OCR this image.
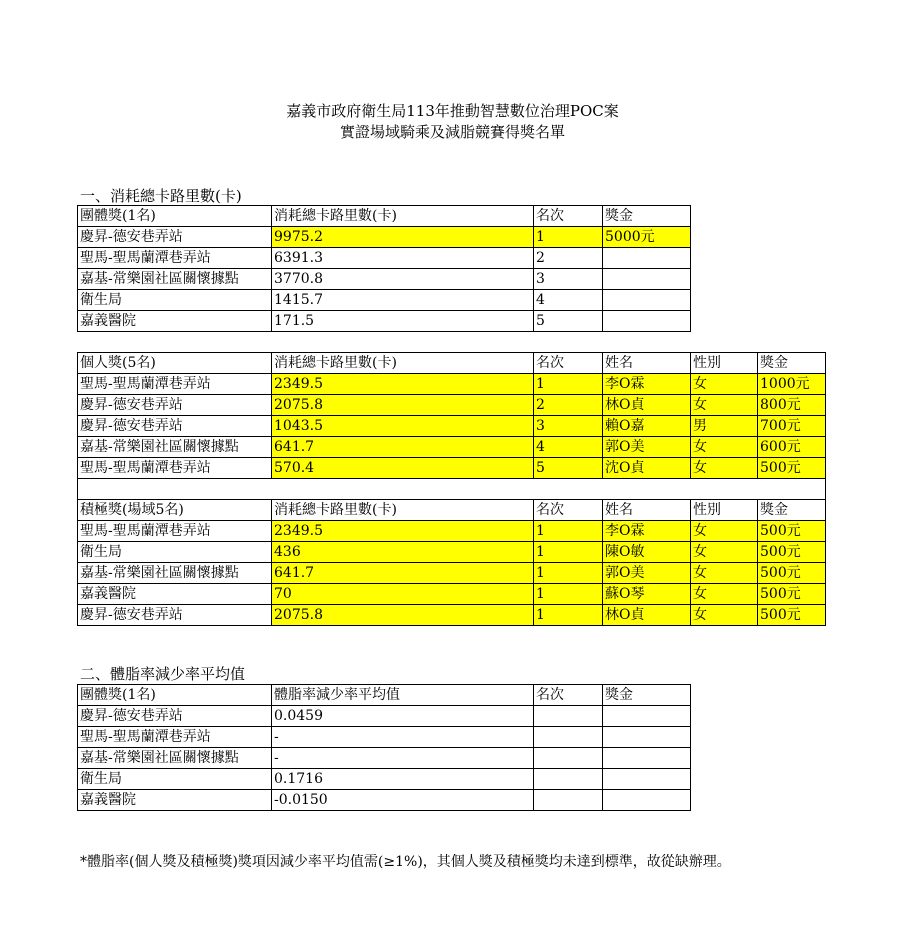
嘉義市政府衛生局113年推動智慧數位治理POC案
實證場域騎乘及減脂競賽得獎名單
一、消耗總卡路里數(卡)
團體獎(1名)	消耗總卡路里數(卡)	名次	獎金
慶昇-德安巷弄站	9975.2	1	5000元
聖馬-聖馬蘭潭巷弄站	6391.3	2	
嘉基-常樂園社區關懷據點	3770.8	3	
衛生局	1415.7	4	
嘉義醫院	171.5	5	
個人獎(5名)	消耗總卡路里數(卡)	名次	姓名	性別	獎金
聖馬-聖馬蘭潭巷弄站	2349.5	1	李O霖	女	1000元
慶昇-德安巷弄站	2075.8	2	林O貞	女	800元
慶昇-德安巷弄站	1043.5	3	賴O嘉	男	700元
嘉基-常樂園社區關懷據點	641.7	4	郭O美	女	600元
聖馬-聖馬蘭潭巷弄站	570.4	5	沈O貞	女	500元

積極獎(場域5名)	消耗總卡路里數(卡)	名次	姓名	性別	獎金
聖馬-聖馬蘭潭巷弄站	2349.5	1	李O霖	女	500元
衛生局	436	1	陳O敏	女	500元
嘉基-常樂園社區關懷據點	641.7	1	郭O美	女	500元
嘉義醫院	70	1	蘇O琴	女	500元
慶昇-德安巷弄站	2075.8	1	林O貞	女	500元
二、體脂率減少率平均值
團體獎(1名)	體脂率減少率平均值	名次	獎金
慶昇-德安巷弄站	0.0459		
聖馬-聖馬蘭潭巷弄站	-		
嘉基-常樂園社區關懷據點	-		
衛生局	0.1716		
嘉義醫院	-0.0150		
*體脂率(個人獎及積極獎)獎項因減少率平均值需(≥1%)，其個人獎及積極獎均未達到標準，故從缺辦理。
